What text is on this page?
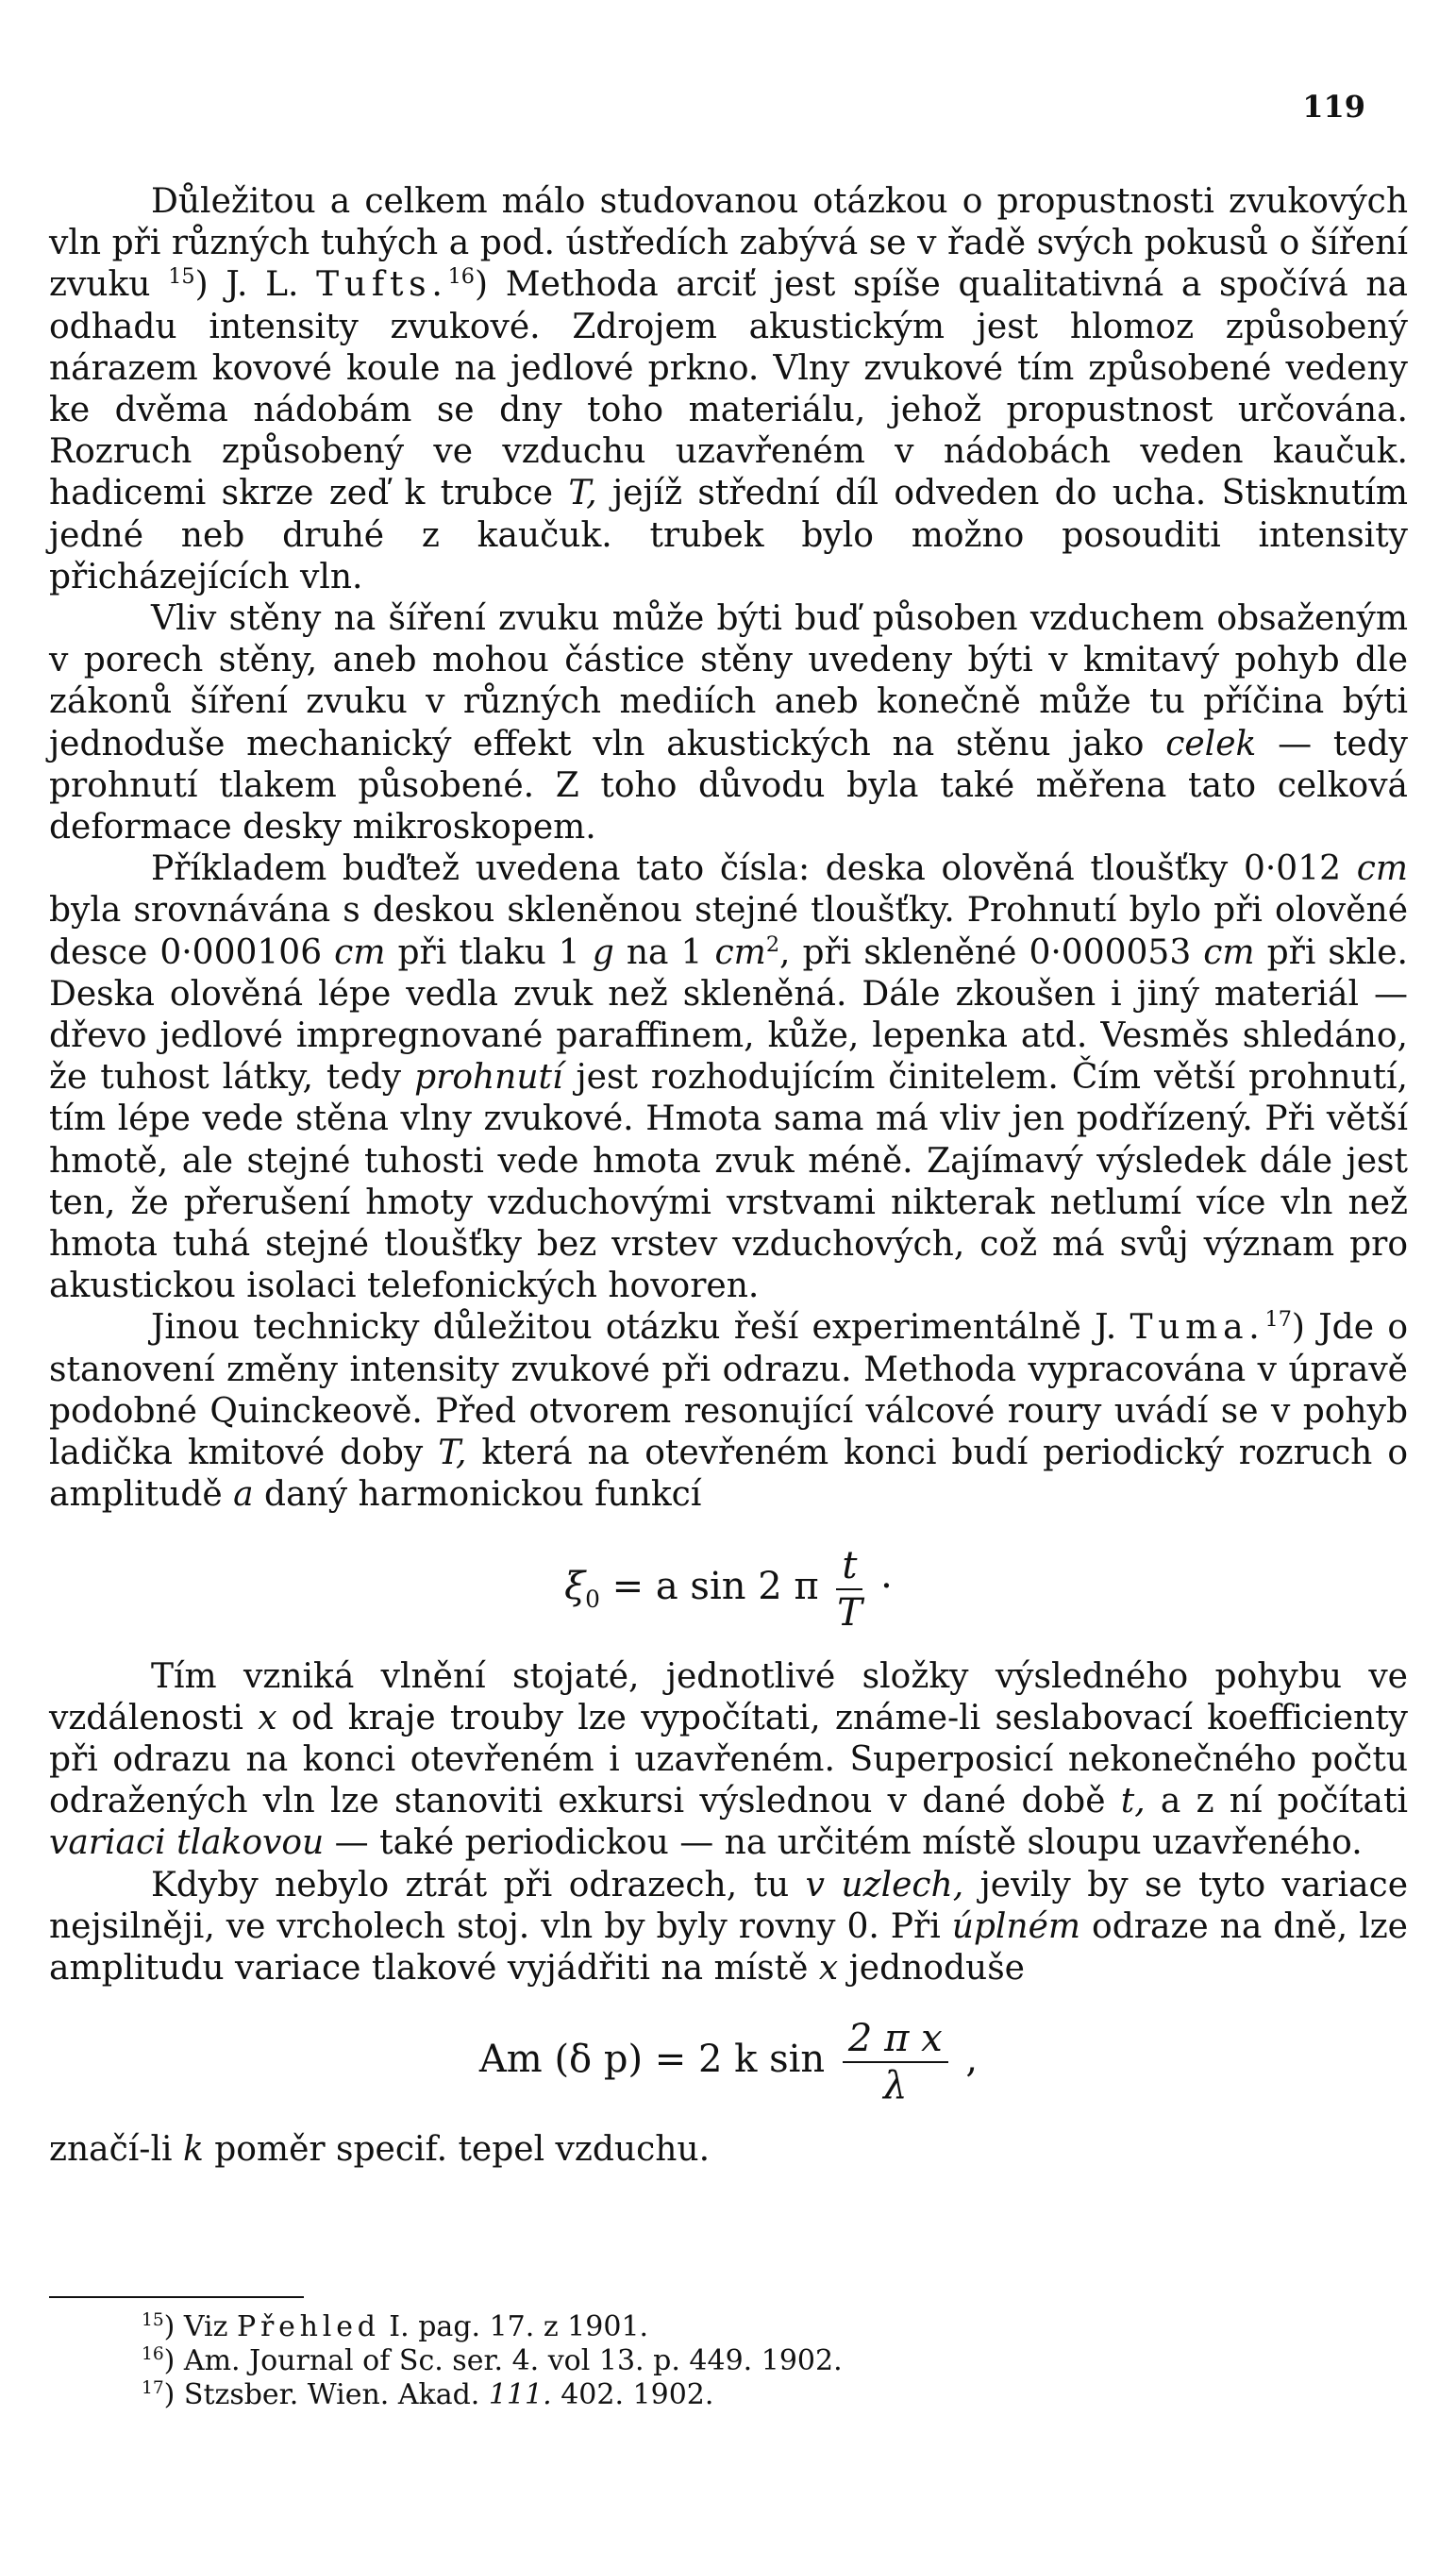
119

Důležitou a celkem málo studovanou otázkou o propustnosti zvukových vln při různých tuhých a pod. ústředích zabývá se v řadě svých pokusů o šíření zvuku $^{15}$) J. L. Tufts.$^{16}$) Methoda arciť jest spíše qualitativná a spočívá na odhadu intensity zvukové. Zdrojem akustickým jest hlomoz způsobený nárazem kovové koule na jedlové prkno. Vlny zvukové tím způsobené vedeny ke dvěma nádobám se dny toho materiálu, jehož propustnost určována. Rozruch způsobený ve vzduchu uzavřeném v nádobách veden kaučuk. hadicemi skrze zeď k trubce T, jejíž střední díl odveden do ucha. Stisknutím jedné neb druhé z kaučuk. trubek bylo možno posouditi intensity přicházejících vln.

Vliv stěny na šíření zvuku může býti buď působen vzduchem obsaženým v porech stěny, aneb mohou částice stěny uvedeny býti v kmitavý pohyb dle zákonů šíření zvuku v různých mediích aneb konečně může tu příčina býti jednoduše mechanický effekt vln akustických na stěnu jako celek — tedy prohnutí tlakem působené. Z toho důvodu byla také měřena tato celková deformace desky mikroskopem.

Příkladem buďtež uvedena tato čísla: deska olověná tloušťky 0·012 cm byla srovnávána s deskou skleněnou stejné tloušťky. Prohnutí bylo při olověné desce 0·000106 cm při tlaku 1 g na 1 $cm^2$, při skleněné 0·000053 cm při skle. Deska olověná lépe vedla zvuk než skleněná. Dále zkoušen i jiný materiál — dřevo jedlové impregnované paraffinem, kůže, lepenka atd. Vesměs shledáno, že tuhost látky, tedy prohnutí jest rozhodujícím činitelem. Čím větší prohnutí, tím lépe vede stěna vlny zvukové. Hmota sama má vliv jen podřízený. Při větší hmotě, ale stejné tuhosti vede hmota zvuk méně. Zajímavý výsledek dále jest ten, že přerušení hmoty vzduchovými vrstvami nikterak netlumí více vln než hmota tuhá stejné tloušťky bez vrstev vzduchových, což má svůj význam pro akustickou isolaci telefonických hovoren.

Jinou technicky důležitou otázku řeší experimentálně J. Tuma.$^{17}$) Jde o stanovení změny intensity zvukové při odrazu. Methoda vypracována v úpravě podobné Quinckeově. Před otvorem resonující válcové roury uvádí se v pohyb ladička kmitové doby T, která na otevřeném konci budí periodický rozruch o amplitudě a daný harmonickou funkcí

$\xi_0 = a$ sin 2 π $\frac{t}{T}$ ·

Tím vzniká vlnění stojaté, jednotlivé složky výsledného pohybu ve vzdálenosti x od kraje trouby lze vypočítati, známe-li seslabovací koefficienty při odrazu na konci otevřeném i uzavřeném. Superposicí nekonečného počtu odražených vln lze stanoviti exkursi výslednou v dané době t, a z ní počítati variaci tlakovou — také periodickou — na určitém místě sloupu uzavřeného.

Kdyby nebylo ztrát při odrazech, tu v uzlech, jevily by se tyto variace nejsilněji, ve vrcholech stoj. vln by byly rovny 0. Při úplném odraze na dně, lze amplitudu variace tlakové vyjádřiti na místě x jednoduše

Am (δ p) = 2 k $\sin \frac{\text{2 π x}}{\lambda}$ ,

značí-li k poměr specif. tepel vzduchu.

$^{15}$) Viz Přehled I. pag. 17. z 1901.
$^{16}$) Am. Journal of Sc. ser. 4. vol 13. p. 449. 1902.
$^{17}$) Stzsber. Wien. Akad. 111. 402. 1902.
